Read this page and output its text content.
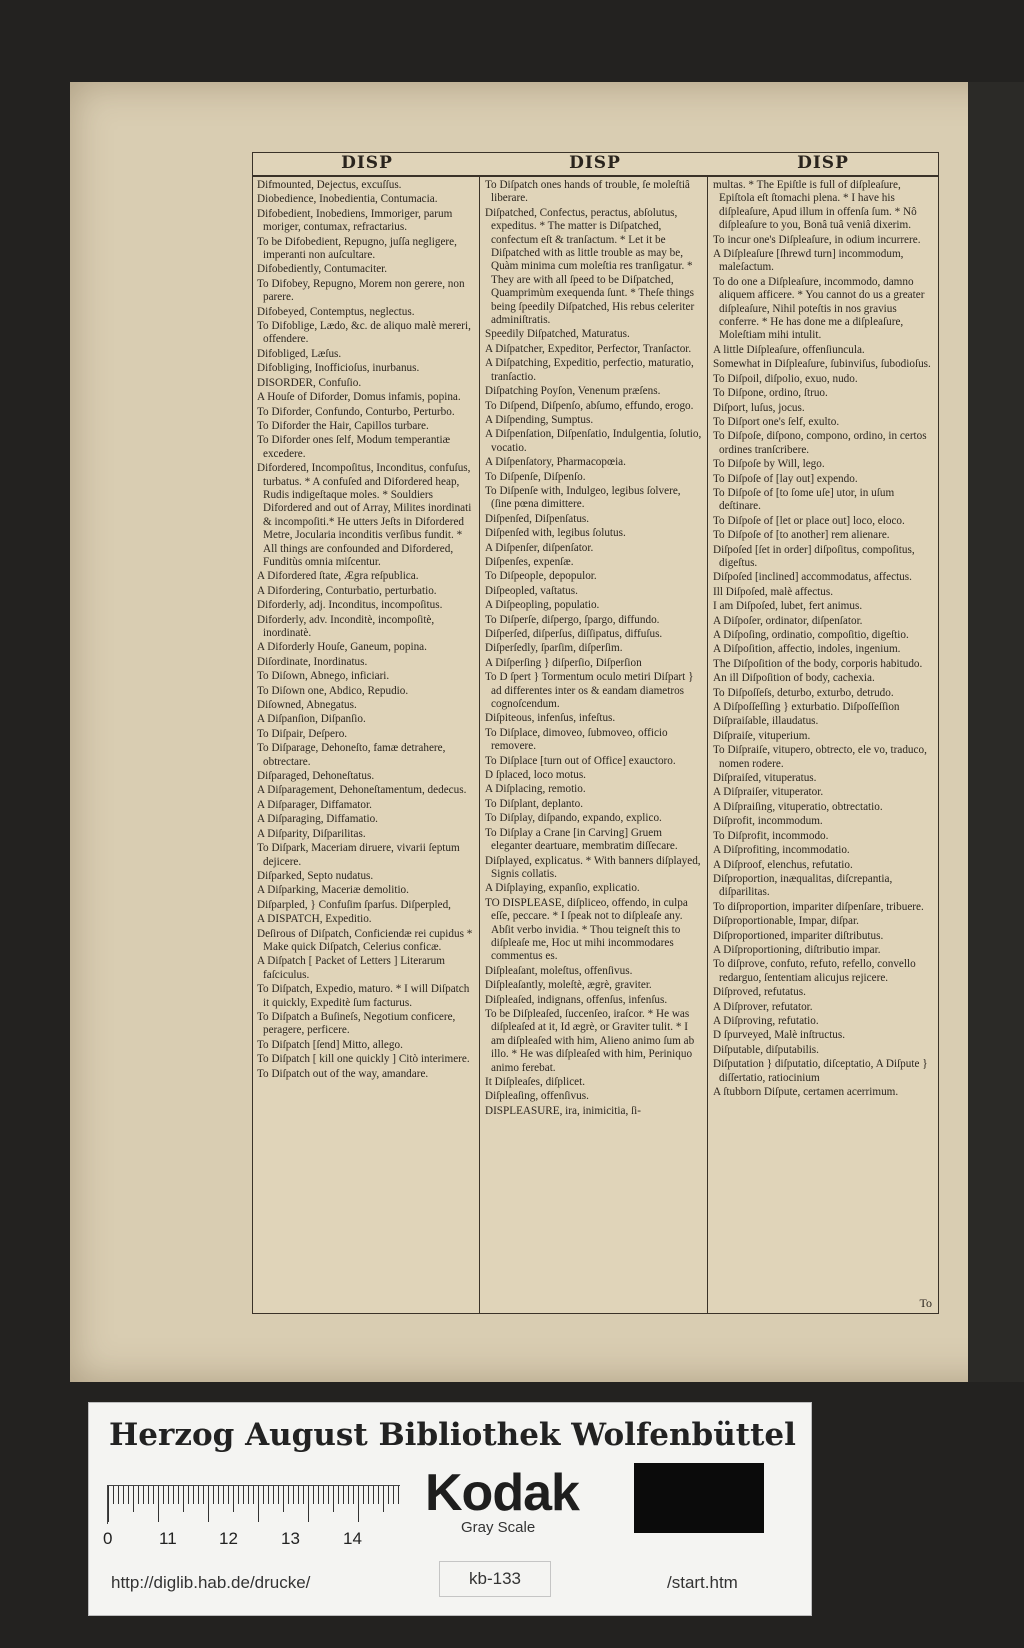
DISP	DISP	DISP

Difmounted, Dejectus, excuſſus.

Diobedience, Inobedientia, Contumacia.

Difobedient, Inobediens, Immoriger, parum moriger, contumax, refractarius.

To be Difobedient, Repugno, juſſa negligere, imperanti non auſcultare.

Difobediently, Contumaciter.

To Difobey, Repugno, Morem non gerere, non parere.

Difobeyed, Contemptus, neglectus.

To Difoblige, Lædo, &c. de aliquo malè mereri, offendere.

Difobliged, Læſus.

Difobliging, Inofficioſus, inurbanus.

DISORDER, Confuſio.

A Houſe of Diforder, Domus infamis, popina.

To Diforder, Confundo, Conturbo, Perturbo.

To Diforder the Hair, Capillos turbare.

To Diforder ones ſelf, Modum temperantiæ excedere.

Difordered, Incompoſitus, Inconditus, confuſus, turbatus. * A confuſed and Difordered heap, Rudis indigeſtaque moles. * Souldiers Difordered and out of Array, Milites inordinati & incompoſiti.* He utters Jeſts in Difordered Metre, Jocularia inconditis verſibus fundit. * All things are confounded and Difordered, Funditùs omnia miſcentur.

A Difordered ſtate, Ægra reſpublica.

A Difordering, Conturbatio, perturbatio.

Diforderly, adj. Inconditus, incompoſitus.

Diforderly, adv. Inconditè, incompoſitè, inordinatè.

A Diforderly Houſe, Ganeum, popina.

Diſordinate, Inordinatus.

To Diſown, Abnego, inficiari.

To Diſown one, Abdico, Repudio.

Diſowned, Abnegatus.

A Diſpanſion, Diſpanſio.

To Diſpair, Deſpero.

To Diſparage, Dehoneſto, famæ detrahere, obtrectare.

Diſparaged, Dehoneſtatus.

A Diſparagement, Dehoneſtamentum, dedecus.

A Diſparager, Diffamator.

A Diſparaging, Diffamatio.

A Diſparity, Diſparilitas.

To Diſpark, Maceriam diruere, vivarii ſeptum dejicere.

Diſparked, Septo nudatus.

A Diſparking, Maceriæ demolitio.

Diſparpled, } Confuſim ſparſus. Diſperpled,

A DISPATCH, Expeditio.

Deſirous of Diſpatch, Conficiendæ rei cupidus * Make quick Diſpatch, Celerius conficæ.

A Diſpatch [ Packet of Letters ] Literarum faſciculus.

To Diſpatch, Expedio, maturo. * I will Diſpatch it quickly, Expeditè ſum facturus.

To Diſpatch a Buſineſs, Negotium conficere, peragere, perficere.

To Diſpatch [ſend] Mitto, allego.

To Diſpatch [ kill one quickly ] Citò interimere.

To Diſpatch out of the way, amandare.

To Diſpatch ones hands of trouble, ſe moleſtiâ liberare.

Diſpatched, Confectus, peractus, abſolutus, expeditus. * The matter is Diſpatched, confectum eſt & tranſactum. * Let it be Diſpatched with as little trouble as may be, Quàm minima cum moleſtia res tranſigatur. * They are with all ſpeed to be Diſpatched, Quamprimùm exequenda ſunt. * Theſe things being ſpeedily Diſpatched, His rebus celeriter adminiſtratis.

Speedily Diſpatched, Maturatus.

A Diſpatcher, Expeditor, Perfector, Tranſactor.

A Diſpatching, Expeditio, perfectio, maturatio, tranſactio.

Diſpatching Poyſon, Venenum præſens.

To Diſpend, Diſpenſo, abſumo, effundo, erogo.

A Diſpending, Sumptus.

A Diſpenſation, Diſpenſatio, Indulgentia, ſolutio, vocatio.

A Diſpenſatory, Pharmacopœia.

To Diſpenſe, Diſpenſo.

To Diſpenſe with, Indulgeo, legibus ſolvere, (ſine pœna dimittere.

Diſpenſed, Diſpenſatus.

Diſpenſed with, legibus ſolutus.

A Diſpenſer, diſpenſator.

Diſpenſes, expenſæ.

To Diſpeople, depopulor.

Diſpeopled, vaſtatus.

A Diſpeopling, populatio.

To Diſperſe, diſpergo, ſpargo, diffundo.

Diſperſed, diſperſus, diſſipatus, diffuſus.

Diſperſedly, ſparſim, diſperſim.

A Diſperſing } diſperſio, Diſperſion

To D ſpert } Tormentum oculo metiri Diſpart } ad differentes inter os & eandam diametros cognoſcendum.

Diſpiteous, infenſus, infeſtus.

To Diſplace, dimoveo, ſubmoveo, officio removere.

To Diſplace [turn out of Office] exauctoro.

D ſplaced, loco motus.

A Diſplacing, remotio.

To Diſplant, deplanto.

To Diſplay, diſpando, expando, explico.

To Diſplay a Crane [in Carving] Gruem eleganter deartuare, membratim diſſecare.

Diſplayed, explicatus. * With banners diſplayed, Signis collatis.

A Diſplaying, expanſio, explicatio.

TO DISPLEASE, diſpliceo, offendo, in culpa eſſe, peccare. * I ſpeak not to diſpleaſe any. Abſit verbo invidia. * Thou teigneſt this to diſpleaſe me, Hoc ut mihi incommodares commentus es.

Diſpleaſant, moleſtus, offenſivus.

Diſpleaſantly, moleſtè, ægrè, graviter.

Diſpleaſed, indignans, offenſus, infenſus.

To be Diſpleaſed, ſuccenſeo, iraſcor. * He was diſpleaſed at it, Id ægrè, or Graviter tulit. * I am diſpleaſed with him, Alieno animo ſum ab illo. * He was diſpleaſed with him, Periniquo animo ferebat.

It Diſpleaſes, diſplicet.

Diſpleaſing, offenſivus.

DISPLEASURE, ira, inimicitia, ſi-

multas. * The Epiſtle is full of diſpleaſure, Epiſtola eſt ſtomachi plena. * I have his diſpleaſure, Apud illum in offenſa ſum. * Nô diſpleaſure to you, Bonâ tuâ veniâ dixerim.

To incur one's Diſpleaſure, in odium incurrere.

A Diſpleaſure [ſhrewd turn] incommodum, maleſactum.

To do one a Diſpleaſure, incommodo, damno aliquem afficere. * You cannot do us a greater diſpleaſure, Nihil poteſtis in nos gravius conferre. * He has done me a diſpleaſure, Moleſtiam mihi intulit.

A little Diſpleaſure, offenſiuncula.

Somewhat in Diſpleaſure, ſubinviſus, ſubodioſus.

To Diſpoil, diſpolio, exuo, nudo.

To Diſpone, ordino, ſtruo.

Diſport, luſus, jocus.

To Diſport one's ſelf, exulto.

To Diſpoſe, diſpono, compono, ordino, in certos ordines tranſcribere.

To Diſpoſe by Will, lego.

To Diſpoſe of [lay out] expendo.

To Diſpoſe of [to ſome uſe] utor, in uſum deſtinare.

To Diſpoſe of [let or place out] loco, eloco.

To Diſpoſe of [to another] rem alienare.

Diſpoſed [ſet in order] diſpoſitus, compoſitus, digeſtus.

Diſpoſed [inclined] accommodatus, affectus.

Ill Diſpoſed, malè affectus.

I am Diſpoſed, lubet, fert animus.

A Diſpoſer, ordinator, diſpenſator.

A Diſpoſing, ordinatio, compoſitio, digeſtio.

A Diſpoſition, affectio, indoles, ingenium.

The Diſpoſition of the body, corporis habitudo.

An ill Diſpoſition of body, cachexia.

To Diſpoſſeſs, deturbo, exturbo, detrudo.

A Diſpoſſeſſing } exturbatio. Diſpoſſeſſion

Diſpraiſable, illaudatus.

Diſpraiſe, vituperium.

To Diſpraiſe, vitupero, obtrecto, ele vo, traduco, nomen rodere.

Diſpraiſed, vituperatus.

A Diſpraiſer, vituperator.

A Diſpraiſing, vituperatio, obtrectatio.

Diſprofit, incommodum.

To Diſprofit, incommodo.

A Diſprofiting, incommodatio.

A Diſproof, elenchus, refutatio.

Diſproportion, inæqualitas, diſcrepantia, diſparilitas.

To diſproportion, impariter diſpenſare, tribuere.

Diſproportionable, Impar, diſpar.

Diſproportioned, impariter diſtributus.

A Diſproportioning, diſtributio impar.

To diſprove, confuto, refuto, refello, convello redarguo, ſententiam alicujus rejicere.

Diſproved, refutatus.

A Diſprover, refutator.

A Diſproving, refutatio.

D ſpurveyed, Malè inſtructus.

Diſputable, diſputabilis.

Diſputation } diſputatio, diſceptatio, A Diſpute } diſſertatio, ratiocinium

A ſtubborn Diſpute, certamen acerrimum.

To
Herzog August Bibliothek Wolfenbüttel
0	11 12	13	14
Kodak
Gray Scale
http://diglib.hab.de/drucke/	kb-133	/start.htm
